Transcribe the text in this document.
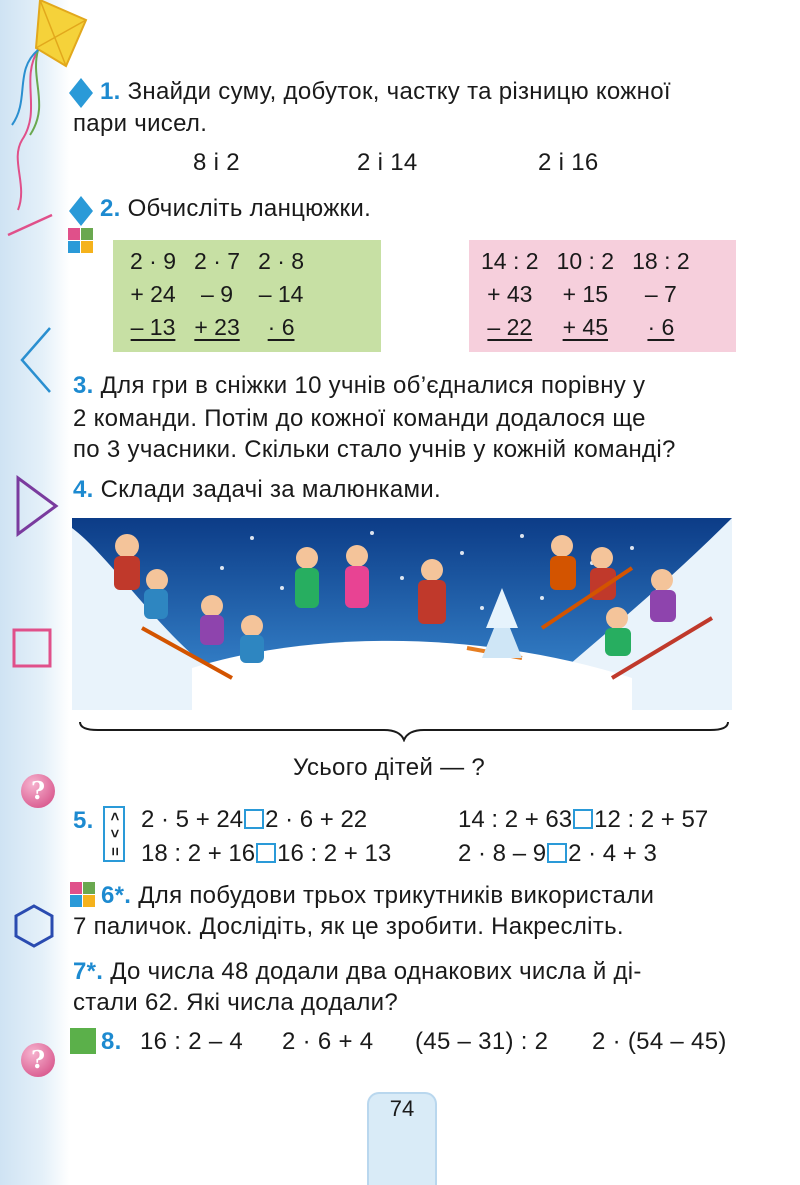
?
?
1. Знайди суму, добуток, частку та різницю кожної
пари чисел.
8 і 2	2 і 14	2 і 16
2. Обчисліть ланцюжки.
2 · 9	2 · 7	2 · 8
+ 24	– 9	– 14
– 13	+ 23	· 6
14 : 2	10 : 2	18 : 2
+ 43	+ 15	– 7
– 22	+ 45	· 6
3. Для гри в сніжки 10 учнів об’єдналися порівну у
2 команди. Потім до кожної команди додалося ще
по 3 учасники. Скільки стало учнів у кожній команді?
4. Склади задачі за малюнками.
Усього дітей — ?
5. <
>
=
2 · 5 + 24 2 · 6 + 22	14 : 2 + 63 12 : 2 + 57
18 : 2 + 16 16 : 2 + 13	2 · 8 – 9 2 · 4 + 3
6*. Для побудови трьох трикутників використали
7 паличок. Дослідіть, як це зробити. Накресліть.
7*. До числа 48 додали два однакових числа й ді-
стали 62. Які числа додали?
8. 16 : 2 – 4 2 · 6 + 4 (45 – 31) : 2 2 · (54 – 45)
74
